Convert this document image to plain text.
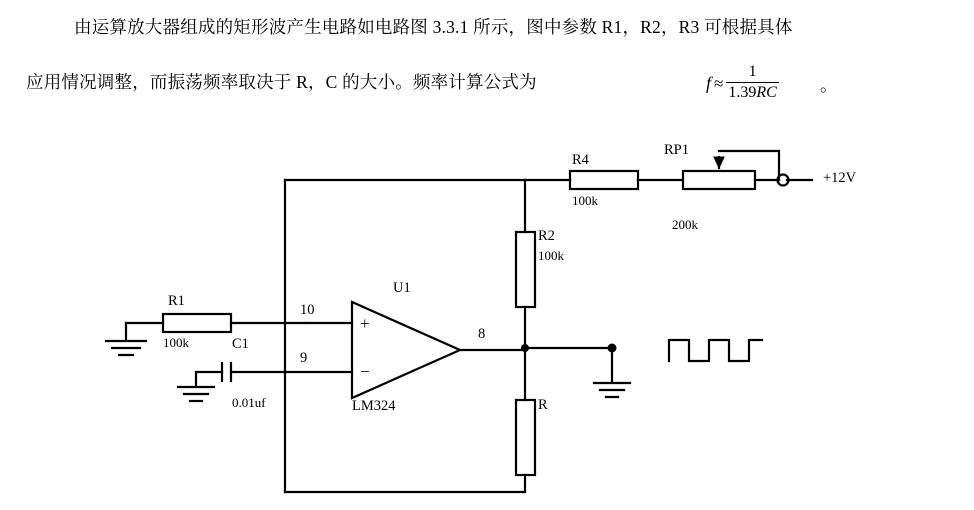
由运算放大器组成的矩形波产生电路如电路图 3.3.1 所示，图中参数 R1，R2，R3 可根据具体
应用情况调整，而振荡频率取决于 R，C 的大小。频率计算公式为	$f \approx \frac{1}{1.39RC}$ 。
R1
100k	C1
0.01uf
U1
LM324
10
9
8
R2
100k
R
R4
100k
RP1
200k
+12V
+
−
